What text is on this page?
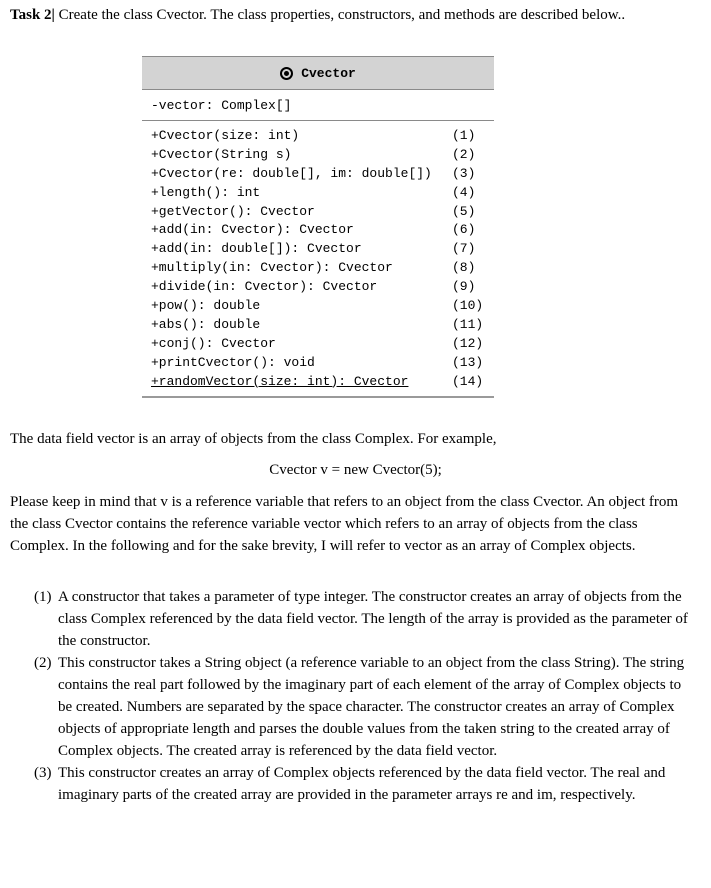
Task 2| Create the class Cvector. The class properties, constructors, and methods are described below..
Cvector
-vector: Complex[]
+Cvector(size: int)	(1)
+Cvector(String s)	(2)
+Cvector(re: double[], im: double[])	(3)
+length(): int	(4)
+getVector(): Cvector	(5)
+add(in: Cvector): Cvector	(6)
+add(in: double[]): Cvector	(7)
+multiply(in: Cvector): Cvector	(8)
+divide(in: Cvector): Cvector	(9)
+pow(): double	(10)
+abs(): double	(11)
+conj(): Cvector	(12)
+printCvector(): void	(13)
+randomVector(size: int): Cvector	(14)

The data field vector is an array of objects from the class Complex. For example,

Cvector v = new Cvector(5);

Please keep in mind that v is a reference variable that refers to an object from the class Cvector. An object from the class Cvector contains the reference variable vector which refers to an array of objects from the class Complex. In the following and for the sake brevity, I will refer to vector as an array of Complex objects.

(1) A constructor that takes a parameter of type integer. The constructor creates an array of objects from the class Complex referenced by the data field vector. The length of the array is provided as the parameter of the constructor.
(2) This constructor takes a String object (a reference variable to an object from the class String). The string contains the real part followed by the imaginary part of each element of the array of Complex objects to be created. Numbers are separated by the space character. The constructor creates an array of Complex objects of appropriate length and parses the double values from the taken string to the created array of Complex objects. The created array is referenced by the data field vector.
(3) This constructor creates an array of Complex objects referenced by the data field vector. The real and imaginary parts of the created array are provided in the parameter arrays re and im, respectively.
